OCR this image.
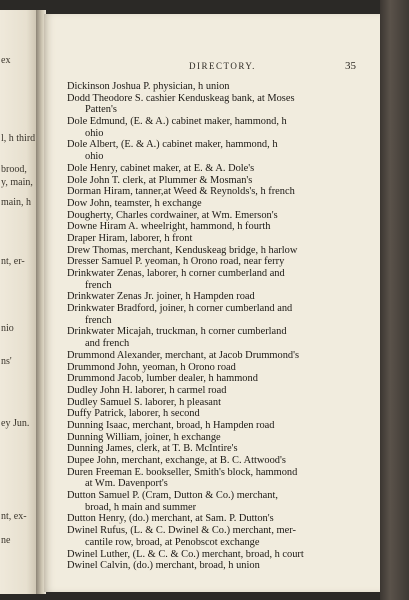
ex
l, h third
brood,
y, main,
main, h
nt, er-
nio
ns'
ey Jun.
nt, ex-
ne
DIRECTORY.	35
Dickinson Joshua P. physician, h union
Dodd Theodore S. cashier Kenduskeag bank, at Moses
Patten's
Dole Edmund, (E. & A.) cabinet maker, hammond, h
ohio
Dole Albert, (E. & A.) cabinet maker, hammond, h
ohio
Dole Henry, cabinet maker, at E. & A. Dole's
Dole John T. clerk, at Plummer & Mosman's
Dorman Hiram, tanner,at Weed & Reynolds's, h french
Dow John, teamster, h exchange
Dougherty, Charles cordwainer, at Wm. Emerson's
Downe Hiram A. wheelright, hammond, h fourth
Draper Hiram, laborer, h front
Drew Thomas, merchant, Kenduskeag bridge, h harlow
Dresser Samuel P. yeoman, h Orono road, near ferry
Drinkwater Zenas, laborer, h corner cumberland and
french
Drinkwater Zenas Jr. joiner, h Hampden road
Drinkwater Bradford, joiner, h corner cumberland and
french
Drinkwater Micajah, truckman, h corner cumberland
and french
Drummond Alexander, merchant, at Jacob Drummond's
Drummond John, yeoman, h Orono road
Drummond Jacob, lumber dealer, h hammond
Dudley John H. laborer, h carmel road
Dudley Samuel S. laborer, h pleasant
Duffy Patrick, laborer, h second
Dunning Isaac, merchant, broad, h Hampden road
Dunning William, joiner, h exchange
Dunning James, clerk, at T. B. McIntire's
Dupee John, merchant, exchange, at B. C. Attwood's
Duren Freeman E. bookseller, Smith's block, hammond
at Wm. Davenport's
Dutton Samuel P. (Cram, Dutton & Co.) merchant,
broad, h main and summer
Dutton Henry, (do.) merchant, at Sam. P. Dutton's
Dwinel Rufus, (L. & C. Dwinel & Co.) merchant, mer-
cantile row, broad, at Penobscot exchange
Dwinel Luther, (L. & C. & Co.) merchant, broad, h court
Dwinel Calvin, (do.) merchant, broad, h union
